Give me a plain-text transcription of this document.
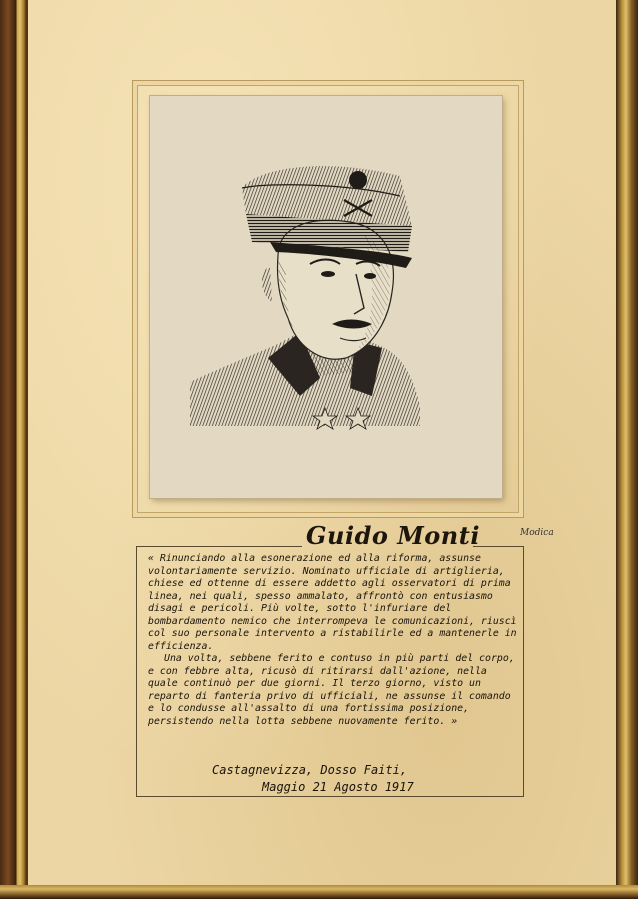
Modica
Guido Monti

« Rinunciando alla esonerazione ed alla riforma, assunse volontariamente servizio. Nominato ufficiale di artiglieria, chiese ed ottenne di essere addetto agli osservatori di prima linea, nei quali, spesso ammalato, affrontò con entusiasmo disagi e pericoli. Più volte, sotto l'infuriare del bombardamento nemico che interrompeva le comunicazioni, riuscì col suo personale intervento a ristabilirle ed a mantenerle in efficienza.

Una volta, sebbene ferito e contuso in più parti del corpo, e con febbre alta, ricusò di ritirarsi dall'azione, nella quale continuò per due giorni. Il terzo giorno, visto un reparto di fanteria privo di ufficiali, ne assunse il comando e lo condusse all'assalto di una fortissima posizione, persistendo nella lotta sebbene nuovamente ferito. »

Castagnevizza, Dosso Faiti,
Maggio 21 Agosto 1917
